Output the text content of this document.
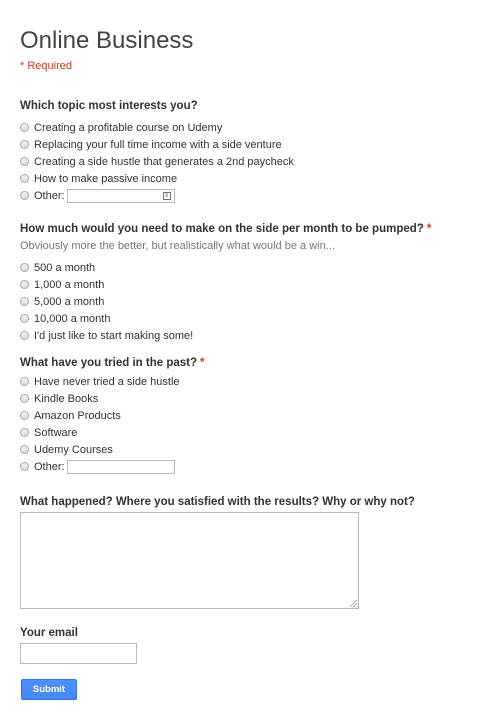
Online Business
* Required
Which topic most interests you?
Creating a profitable course on Udemy
Replacing your full time income with a side venture
Creating a side hustle that generates a 2nd paycheck
How to make passive income
Other:	≡
How much would you need to make on the side per month to be pumped? *
Obviously more the better, but realistically what would be a win...
500 a month
1,000 a month
5,000 a month
10,000 a month
I'd just like to start making some!
What have you tried in the past? *
Have never tried a side hustle
Kindle Books
Amazon Products
Software
Udemy Courses
Other:
What happened? Where you satisfied with the results? Why or why not?
Your email
Submit
